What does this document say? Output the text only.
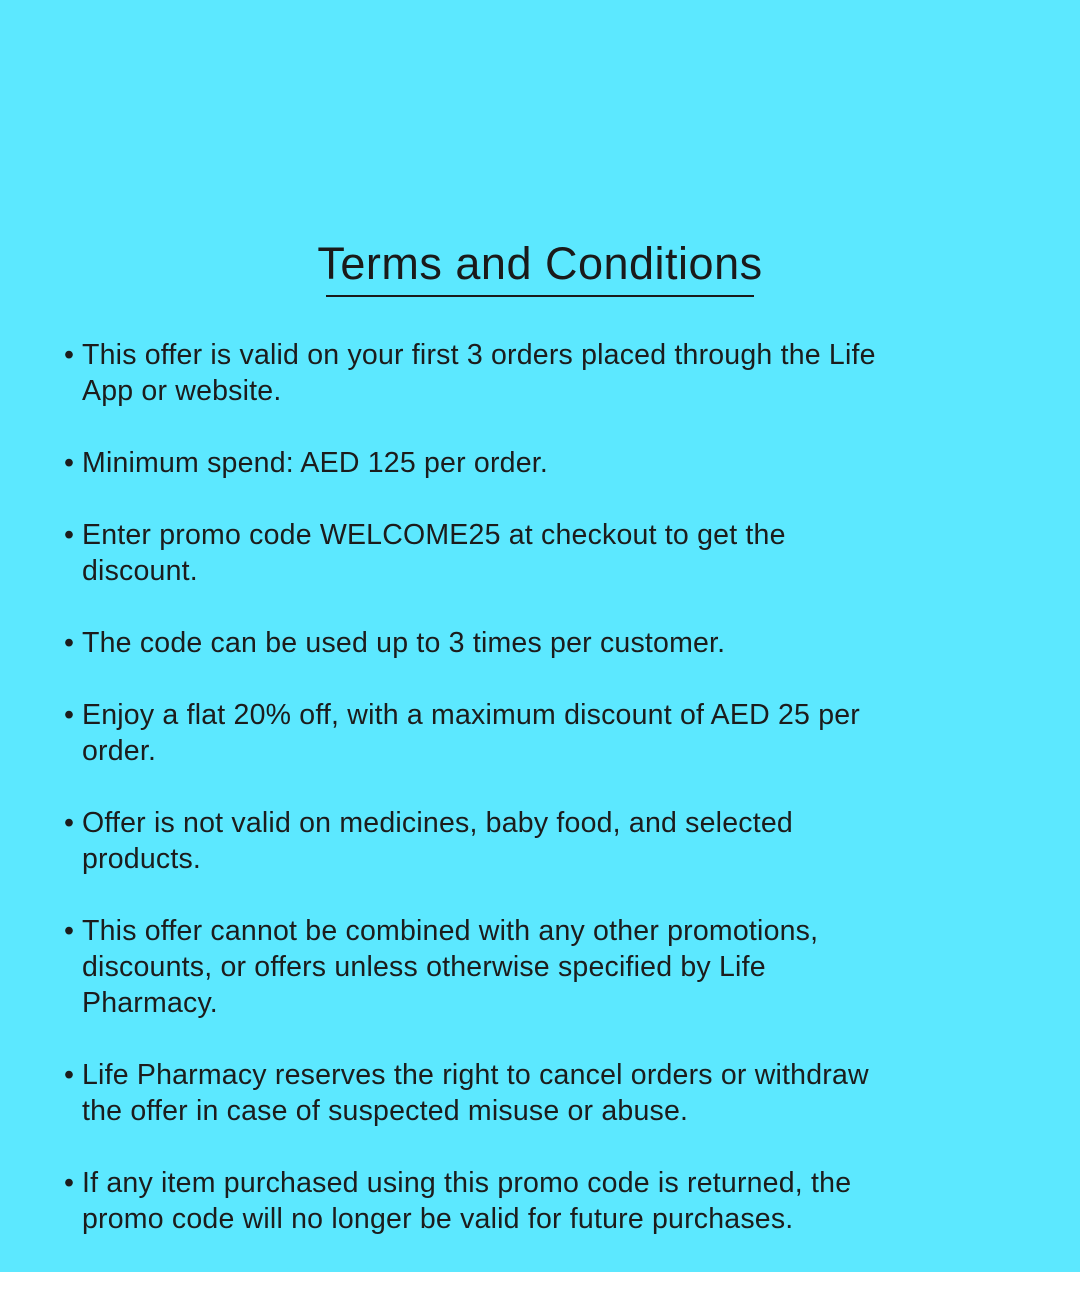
Terms and Conditions
• This offer is valid on your first 3 orders placed through the Life
App or website.
• Minimum spend: AED 125 per order.
• Enter promo code WELCOME25 at checkout to get the
discount.
• The code can be used up to 3 times per customer.
• Enjoy a flat 20% off, with a maximum discount of AED 25 per
order.
• Offer is not valid on medicines, baby food, and selected
products.
• This offer cannot be combined with any other promotions,
discounts, or offers unless otherwise specified by Life
Pharmacy.
• Life Pharmacy reserves the right to cancel orders or withdraw
the offer in case of suspected misuse or abuse.
• If any item purchased using this promo code is returned, the
promo code will no longer be valid for future purchases.
